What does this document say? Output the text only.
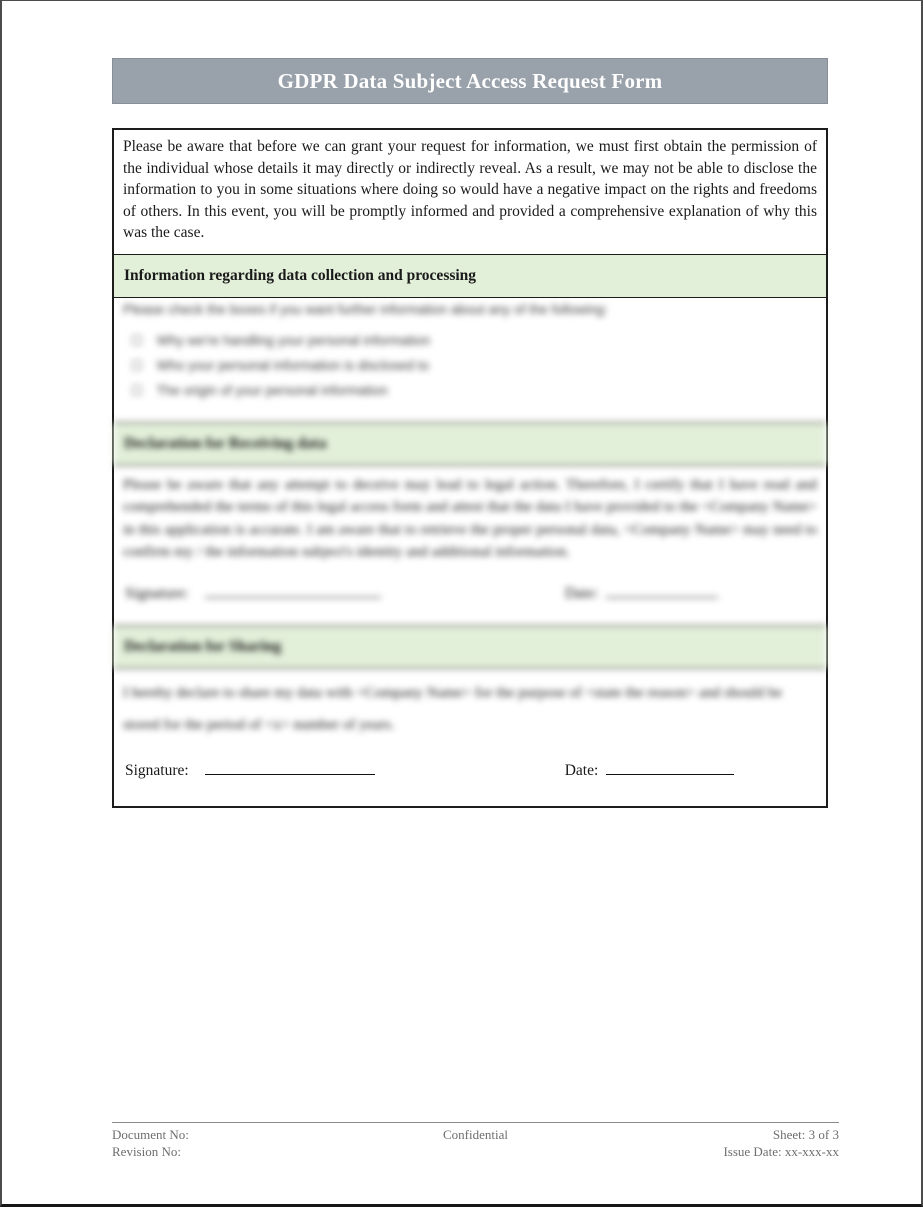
GDPR Data Subject Access Request Form
Please be aware that before we can grant your request for information, we must first obtain the permission of the individual whose details it may directly or indirectly reveal. As a result, we may not be able to disclose the information to you in some situations where doing so would have a negative impact on the rights and freedoms of others. In this event, you will be promptly informed and provided a comprehensive explanation of why this was the case.
Information regarding data collection and processing
Please check the boxes if you want further information about any of the following:
☐ Why we're handling your personal information
☐ Who your personal information is disclosed to
☐ The origin of your personal information
Declaration for Receiving data
Please be aware that any attempt to deceive may lead to legal action. Therefore, I certify that I have read and comprehended the terms of this legal access form and attest that the data I have provided to the <Company Name> in this application is accurate. I am aware that to retrieve the proper personal data, <Company Name> may need to confirm my / the information subject's identity and additional information.
Signature:	Date:
Declaration for Sharing
I hereby declare to share my data with <Company Name> for the purpose of <state the reason> and should be stored for the period of <x> number of years.
Signature:	Date:
Document No:
Revision No:
Confidential	Sheet: 3 of 3
Issue Date: xx-xxx-xx
